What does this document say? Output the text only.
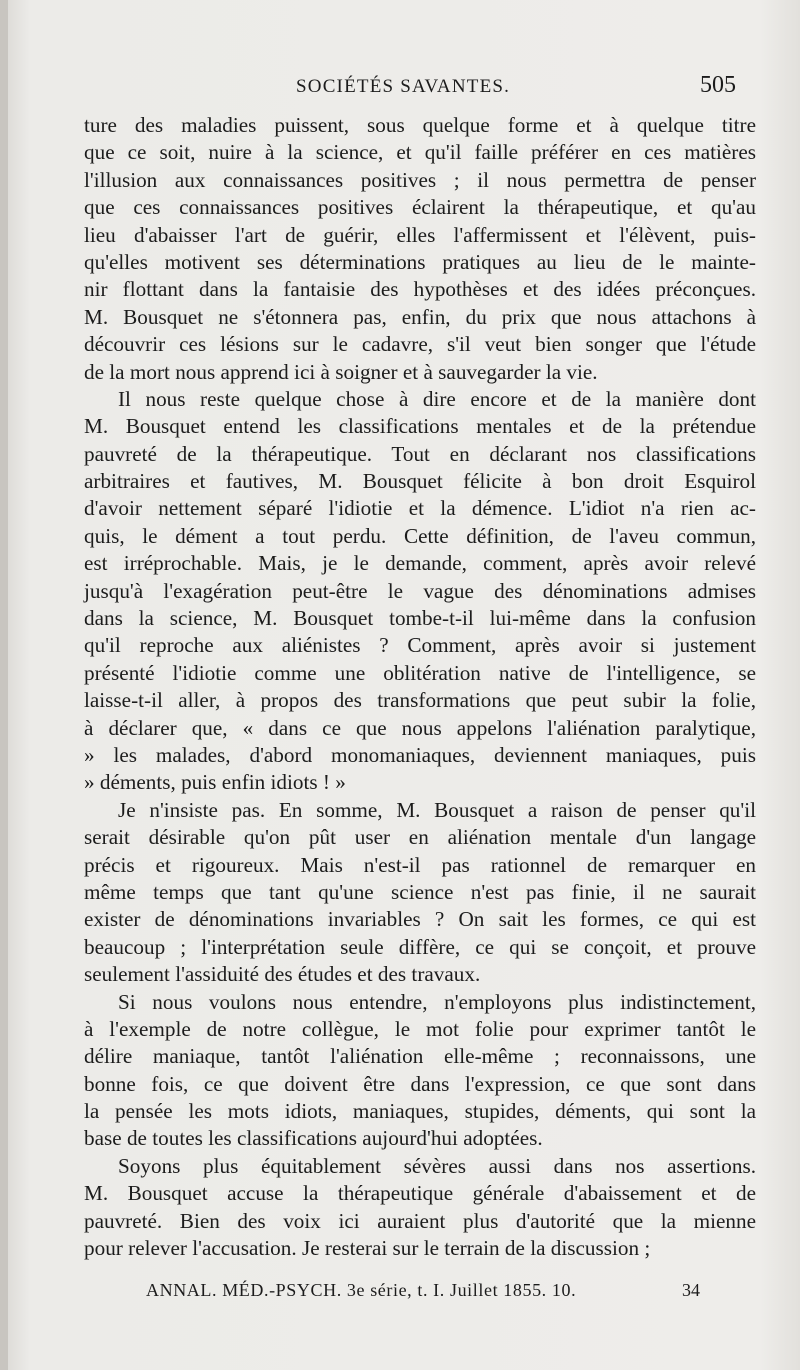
SOCIÉTÉS SAVANTES.	505
ture des maladies puissent, sous quelque forme et à quelque titre
que ce soit, nuire à la science, et qu'il faille préférer en ces matières
l'illusion aux connaissances positives ; il nous permettra de penser
que ces connaissances positives éclairent la thérapeutique, et qu'au
lieu d'abaisser l'art de guérir, elles l'affermissent et l'élèvent, puis-
qu'elles motivent ses déterminations pratiques au lieu de le mainte-
nir flottant dans la fantaisie des hypothèses et des idées préconçues.
M. Bousquet ne s'étonnera pas, enfin, du prix que nous attachons à
découvrir ces lésions sur le cadavre, s'il veut bien songer que l'étude
de la mort nous apprend ici à soigner et à sauvegarder la vie.
Il nous reste quelque chose à dire encore et de la manière dont
M. Bousquet entend les classifications mentales et de la prétendue
pauvreté de la thérapeutique. Tout en déclarant nos classifications
arbitraires et fautives, M. Bousquet félicite à bon droit Esquirol
d'avoir nettement séparé l'idiotie et la démence. L'idiot n'a rien ac-
quis, le dément a tout perdu. Cette définition, de l'aveu commun,
est irréprochable. Mais, je le demande, comment, après avoir relevé
jusqu'à l'exagération peut-être le vague des dénominations admises
dans la science, M. Bousquet tombe-t-il lui-même dans la confusion
qu'il reproche aux aliénistes ? Comment, après avoir si justement
présenté l'idiotie comme une oblitération native de l'intelligence, se
laisse-t-il aller, à propos des transformations que peut subir la folie,
à déclarer que, « dans ce que nous appelons l'aliénation paralytique,
» les malades, d'abord monomaniaques, deviennent maniaques, puis
» déments, puis enfin idiots ! »
Je n'insiste pas. En somme, M. Bousquet a raison de penser qu'il
serait désirable qu'on pût user en aliénation mentale d'un langage
précis et rigoureux. Mais n'est-il pas rationnel de remarquer en
même temps que tant qu'une science n'est pas finie, il ne saurait
exister de dénominations invariables ? On sait les formes, ce qui est
beaucoup ; l'interprétation seule diffère, ce qui se conçoit, et prouve
seulement l'assiduité des études et des travaux.
Si nous voulons nous entendre, n'employons plus indistinctement,
à l'exemple de notre collègue, le mot folie pour exprimer tantôt le
délire maniaque, tantôt l'aliénation elle-même ; reconnaissons, une
bonne fois, ce que doivent être dans l'expression, ce que sont dans
la pensée les mots idiots, maniaques, stupides, déments, qui sont la
base de toutes les classifications aujourd'hui adoptées.
Soyons plus équitablement sévères aussi dans nos assertions.
M. Bousquet accuse la thérapeutique générale d'abaissement et de
pauvreté. Bien des voix ici auraient plus d'autorité que la mienne
pour relever l'accusation. Je resterai sur le terrain de la discussion ;
ANNAL. MÉD.-PSYCH. 3e série, t. I. Juillet 1855. 10.	34
